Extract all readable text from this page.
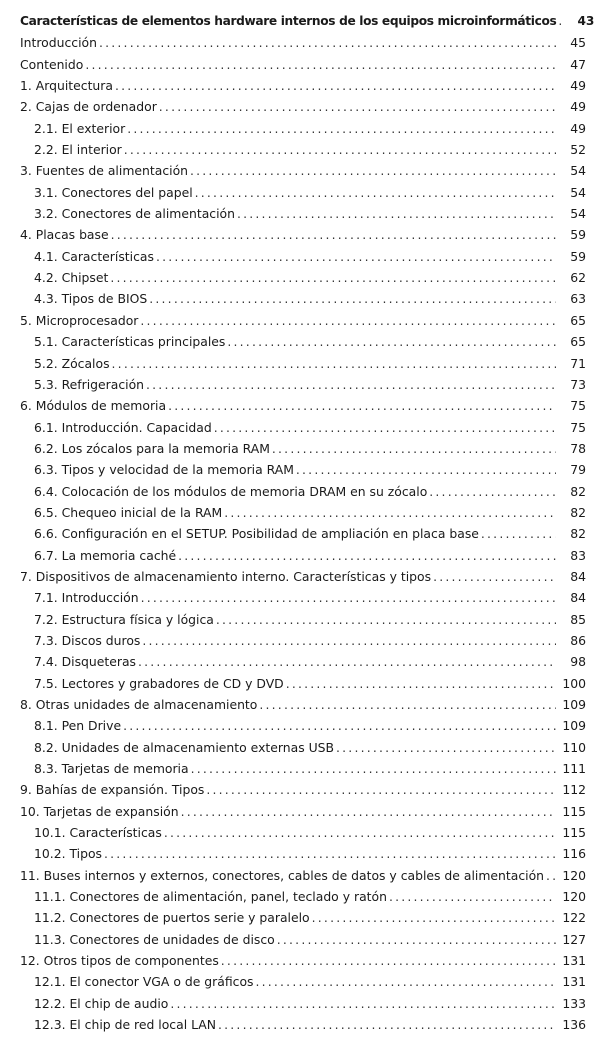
Características de elementos hardware internos de los equipos microinformáticos .....	43
Introducción .....	45
Contenido .....	47
1. Arquitectura .....	49
2. Cajas de ordenador .....	49
2.1. El exterior .....	49
2.2. El interior .....	52
3. Fuentes de alimentación .....	54
3.1. Conectores del papel .....	54
3.2. Conectores de alimentación .....	54
4. Placas base .....	59
4.1. Características .....	59
4.2. Chipset .....	62
4.3. Tipos de BIOS .....	63
5. Microprocesador .....	65
5.1. Características principales .....	65
5.2. Zócalos .....	71
5.3. Refrigeración .....	73
6. Módulos de memoria .....	75
6.1. Introducción. Capacidad .....	75
6.2. Los zócalos para la memoria RAM .....	78
6.3. Tipos y velocidad de la memoria RAM .....	79
6.4. Colocación de los módulos de memoria DRAM en su zócalo .....	82
6.5. Chequeo inicial de la RAM .....	82
6.6. Configuración en el SETUP. Posibilidad de ampliación en placa base .....	82
6.7. La memoria caché .....	83
7. Dispositivos de almacenamiento interno. Características y tipos .....	84
7.1. Introducción .....	84
7.2. Estructura física y lógica .....	85
7.3. Discos duros .....	86
7.4. Disqueteras .....	98
7.5. Lectores y grabadores de CD y DVD .....	100
8. Otras unidades de almacenamiento .....	109
8.1. Pen Drive .....	109
8.2. Unidades de almacenamiento externas USB .....	110
8.3. Tarjetas de memoria .....	111
9. Bahías de expansión. Tipos .....	112
10. Tarjetas de expansión .....	115
10.1. Características .....	115
10.2. Tipos .....	116
11. Buses internos y externos, conectores, cables de datos y cables de alimentación .....	120
11.1. Conectores de alimentación, panel, teclado y ratón .....	120
11.2. Conectores de puertos serie y paralelo .....	122
11.3. Conectores de unidades de disco .....	127
12. Otros tipos de componentes .....	131
12.1. El conector VGA o de gráficos .....	131
12.2. El chip de audio .....	133
12.3. El chip de red local LAN .....	136
